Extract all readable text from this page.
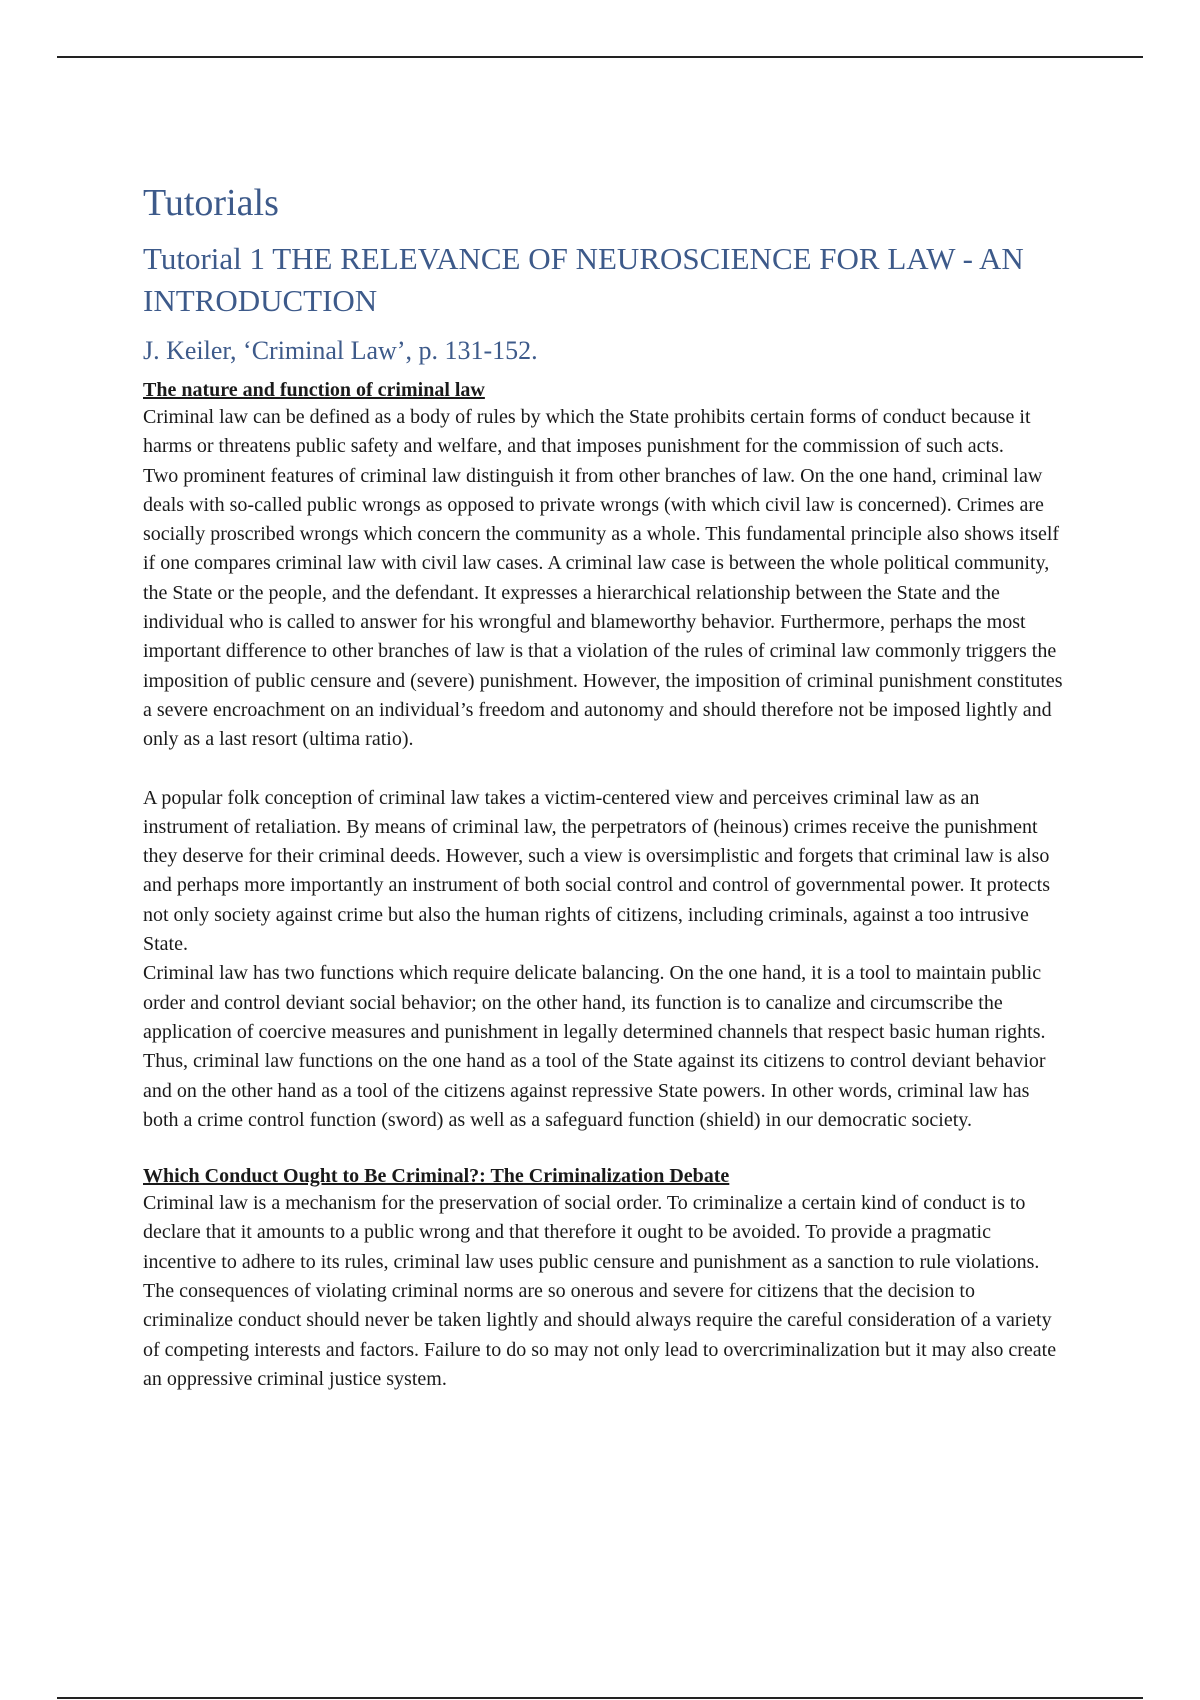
Tutorials
Tutorial 1 THE RELEVANCE OF NEUROSCIENCE FOR LAW - AN INTRODUCTION
J. Keiler, ‘Criminal Law’, p. 131-152.
The nature and function of criminal law

Criminal law can be defined as a body of rules by which the State prohibits certain forms of conduct because it harms or threatens public safety and welfare, and that imposes punishment for the commission of such acts.

Two prominent features of criminal law distinguish it from other branches of law. On the one hand, criminal law deals with so-called public wrongs as opposed to private wrongs (with which civil law is concerned). Crimes are socially proscribed wrongs which concern the community as a whole. This fundamental principle also shows itself if one compares criminal law with civil law cases. A criminal law case is between the whole political community, the State or the people, and the defendant. It expresses a hierarchical relationship between the State and the individual who is called to answer for his wrongful and blameworthy behavior. Furthermore, perhaps the most important difference to other branches of law is that a violation of the rules of criminal law commonly triggers the imposition of public censure and (severe) punishment. However, the imposition of criminal punishment constitutes a severe encroachment on an individual’s freedom and autonomy and should therefore not be imposed lightly and only as a last resort (ultima ratio).

A popular folk conception of criminal law takes a victim-centered view and perceives criminal law as an instrument of retaliation. By means of criminal law, the perpetrators of (heinous) crimes receive the punishment they deserve for their criminal deeds. However, such a view is oversimplistic and forgets that criminal law is also and perhaps more importantly an instrument of both social control and control of governmental power. It protects not only society against crime but also the human rights of citizens, including criminals, against a too intrusive State.

Criminal law has two functions which require delicate balancing. On the one hand, it is a tool to maintain public order and control deviant social behavior; on the other hand, its function is to canalize and circumscribe the application of coercive measures and punishment in legally determined channels that respect basic human rights. Thus, criminal law functions on the one hand as a tool of the State against its citizens to control deviant behavior and on the other hand as a tool of the citizens against repressive State powers. In other words, criminal law has both a crime control function (sword) as well as a safeguard function (shield) in our democratic society.

Which Conduct Ought to Be Criminal?: The Criminalization Debate

Criminal law is a mechanism for the preservation of social order. To criminalize a certain kind of conduct is to declare that it amounts to a public wrong and that therefore it ought to be avoided. To provide a pragmatic incentive to adhere to its rules, criminal law uses public censure and punishment as a sanction to rule violations. The consequences of violating criminal norms are so onerous and severe for citizens that the decision to criminalize conduct should never be taken lightly and should always require the careful consideration of a variety of competing interests and factors. Failure to do so may not only lead to overcriminalization but it may also create an oppressive criminal justice system.
